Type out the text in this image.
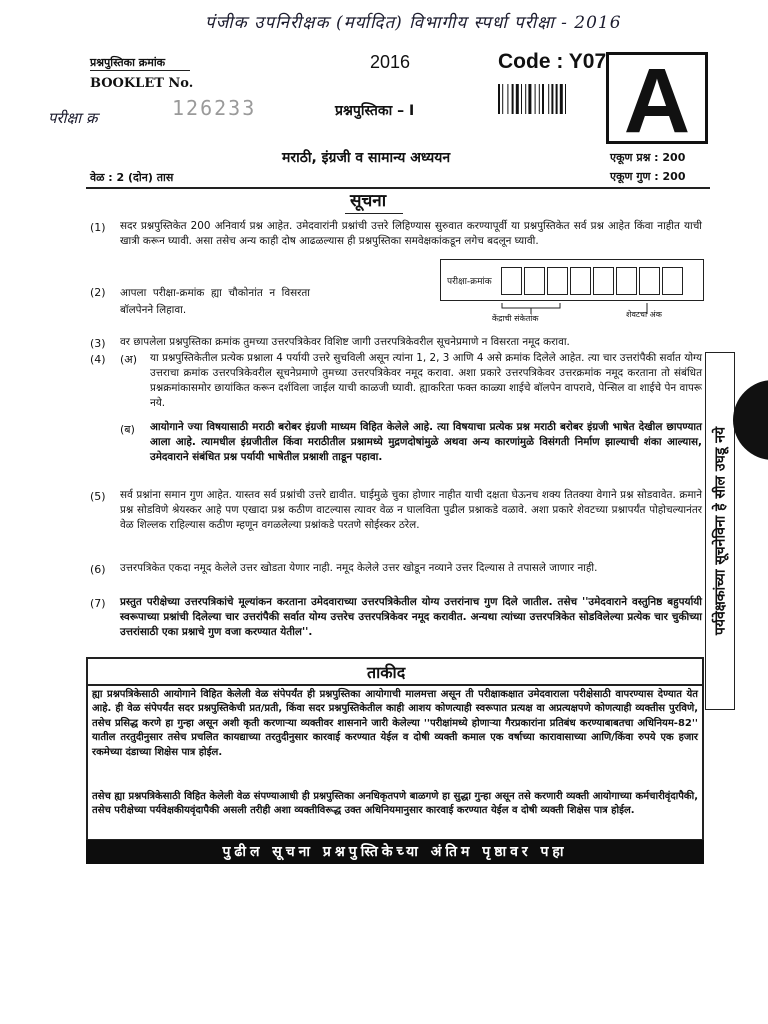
पंजीक उपनिरीक्षक (मर्यादित) विभागीय स्पर्धा परीक्षा - 2016
प्रश्नपुस्तिका क्रमांक
BOOKLET No.
2016	Code : Y07 A
परीक्षा क्र	126233	प्रश्नपुस्तिका – I
मराठी, इंग्रजी व सामान्य अध्ययन	एकूण प्रश्न : 200
एकूण गुण : 200
वेळ : 2 (दोन) तास
सूचना
(1) सदर प्रश्नपुस्तिकेत 200 अनिवार्य प्रश्न आहेत. उमेदवारांनी प्रश्नांची उत्तरे लिहिण्यास सुरुवात करण्यापूर्वी या प्रश्नपुस्तिकेत सर्व प्रश्न आहेत किंवा नाहीत याची खात्री करून घ्यावी. असा तसेच अन्य काही दोष आढळल्यास ही प्रश्नपुस्तिका समवेक्षकांकडून लगेच बदलून घ्यावी.
(2) आपला परीक्षा-क्रमांक ह्या चौकोनांत न विसरता बॉलपेनने लिहावा.
परीक्षा-क्रमांक
केंद्राची संकेतांक	शेवटचा अंक
(3) वर छापलेला प्रश्नपुस्तिका क्रमांक तुमच्या उत्तरपत्रिकेवर विशिष्ट जागी उत्तरपत्रिकेवरील सूचनेप्रमाणे न विसरता नमूद करावा.
(4) (अ) या प्रश्नपुस्तिकेतील प्रत्येक प्रश्नाला 4 पर्यायी उत्तरे सुचविली असून त्यांना 1, 2, 3 आणि 4 असे क्रमांक दिलेले आहेत. त्या चार उत्तरांपैकी सर्वात योग्य उत्तराचा क्रमांक उत्तरपत्रिकेवरील सूचनेप्रमाणे तुमच्या उत्तरपत्रिकेवर नमूद करावा. अशा प्रकारे उत्तरपत्रिकेवर उत्तरक्रमांक नमूद करताना तो संबंधित प्रश्नक्रमांकासमोर छायांकित करून दर्शविला जाईल याची काळजी घ्यावी. ह्याकरिता फक्त काळ्या शाईचे बॉलपेन वापरावे, पेन्सिल वा शाईचे पेन वापरू नये.
(ब) आयोगाने ज्या विषयासाठी मराठी बरोबर इंग्रजी माध्यम विहित केलेले आहे. त्या विषयाचा प्रत्येक प्रश्न मराठी बरोबर इंग्रजी भाषेत देखील छापण्यात आला आहे. त्यामधील इंग्रजीतील किंवा मराठीतील प्रश्नामध्ये मुद्रणदोषांमुळे अथवा अन्य कारणांमुळे विसंगती निर्माण झाल्याची शंका आल्यास, उमेदवाराने संबंधित प्रश्न पर्यायी भाषेतील प्रश्नाशी ताडून पहावा.
(5) सर्व प्रश्नांना समान गुण आहेत. यास्तव सर्व प्रश्नांची उत्तरे द्यावीत. घाईमुळे चुका होणार नाहीत याची दक्षता घेऊनच शक्य तितक्या वेगाने प्रश्न सोडवावेत. क्रमाने प्रश्न सोडविणे श्रेयस्कर आहे पण एखादा प्रश्न कठीण वाटल्यास त्यावर वेळ न घालविता पुढील प्रश्नाकडे वळावे. अशा प्रकारे शेवटच्या प्रश्नापर्यंत पोहोचल्यानंतर वेळ शिल्लक राहिल्यास कठीण म्हणून वगळलेल्या प्रश्नांकडे परतणे सोईस्कर ठरेल.
(6) उत्तरपत्रिकेत एकदा नमूद केलेले उत्तर खोडता येणार नाही. नमूद केलेले उत्तर खोडून नव्याने उत्तर दिल्यास ते तपासले जाणार नाही.
(7) प्रस्तुत परीक्षेच्या उत्तरपत्रिकांचे मूल्यांकन करताना उमेदवाराच्या उत्तरपत्रिकेतील योग्य उत्तरांनाच गुण दिले जातील. तसेच ''उमेदवाराने वस्तुनिष्ठ बहुपर्यायी स्वरूपाच्या प्रश्नांची दिलेल्या चार उत्तरांपैकी सर्वात योग्य उत्तरेच उत्तरपत्रिकेवर नमूद करावीत. अन्यथा त्यांच्या उत्तरपत्रिकेत सोडविलेल्या प्रत्येक चार चुकीच्या उत्तरांसाठी एका प्रश्नाचे गुण वजा करण्यात येतील''.	पर्यवेक्षकांच्या सूचनेविना हे सील उघडू नये
ताकीद
ह्या प्रश्नपत्रिकेसाठी आयोगाने विहित केलेली वेळ संपेपर्यंत ही प्रश्नपुस्तिका आयोगाची मालमत्ता असून ती परीक्षाकक्षात उमेदवाराला परीक्षेसाठी वापरण्यास देण्यात येत आहे. ही वेळ संपेपर्यंत सदर प्रश्नपुस्तिकेची प्रत/प्रती, किंवा सदर प्रश्नपुस्तिकेतील काही आशय कोणत्याही स्वरूपात प्रत्यक्ष वा अप्रत्यक्षपणे कोणत्याही व्यक्तीस पुरविणे, तसेच प्रसिद्ध करणे हा गुन्हा असून अशी कृती करणाऱ्या व्यक्तीवर शासनाने जारी केलेल्या ''परीक्षांमध्ये होणाऱ्या गैरप्रकारांना प्रतिबंध करण्याबाबतचा अधिनियम-82'' यातील तरतुदीनुसार तसेच प्रचलित कायद्याच्या तरतुदीनुसार कारवाई करण्यात येईल व दोषी व्यक्ती कमाल एक वर्षाच्या कारावासाच्या आणि/किंवा रुपये एक हजार रकमेच्या दंडाच्या शिक्षेस पात्र होईल.
तसेच ह्या प्रश्नपत्रिकेसाठी विहित केलेली वेळ संपण्याआधी ही प्रश्नपुस्तिका अनधिकृतपणे बाळगणे हा सुद्धा गुन्हा असून तसे करणारी व्यक्ती आयोगाच्या कर्मचारीवृंदापैकी, तसेच परीक्षेच्या पर्यवेक्षकीयवृंदापैकी असली तरीही अशा व्यक्तीविरूद्ध उक्त अधिनियमानुसार कारवाई करण्यात येईल व दोषी व्यक्ती शिक्षेस पात्र होईल.
पुढील सूचना प्रश्नपुस्तिकेच्या अंतिम पृष्ठावर पहा
